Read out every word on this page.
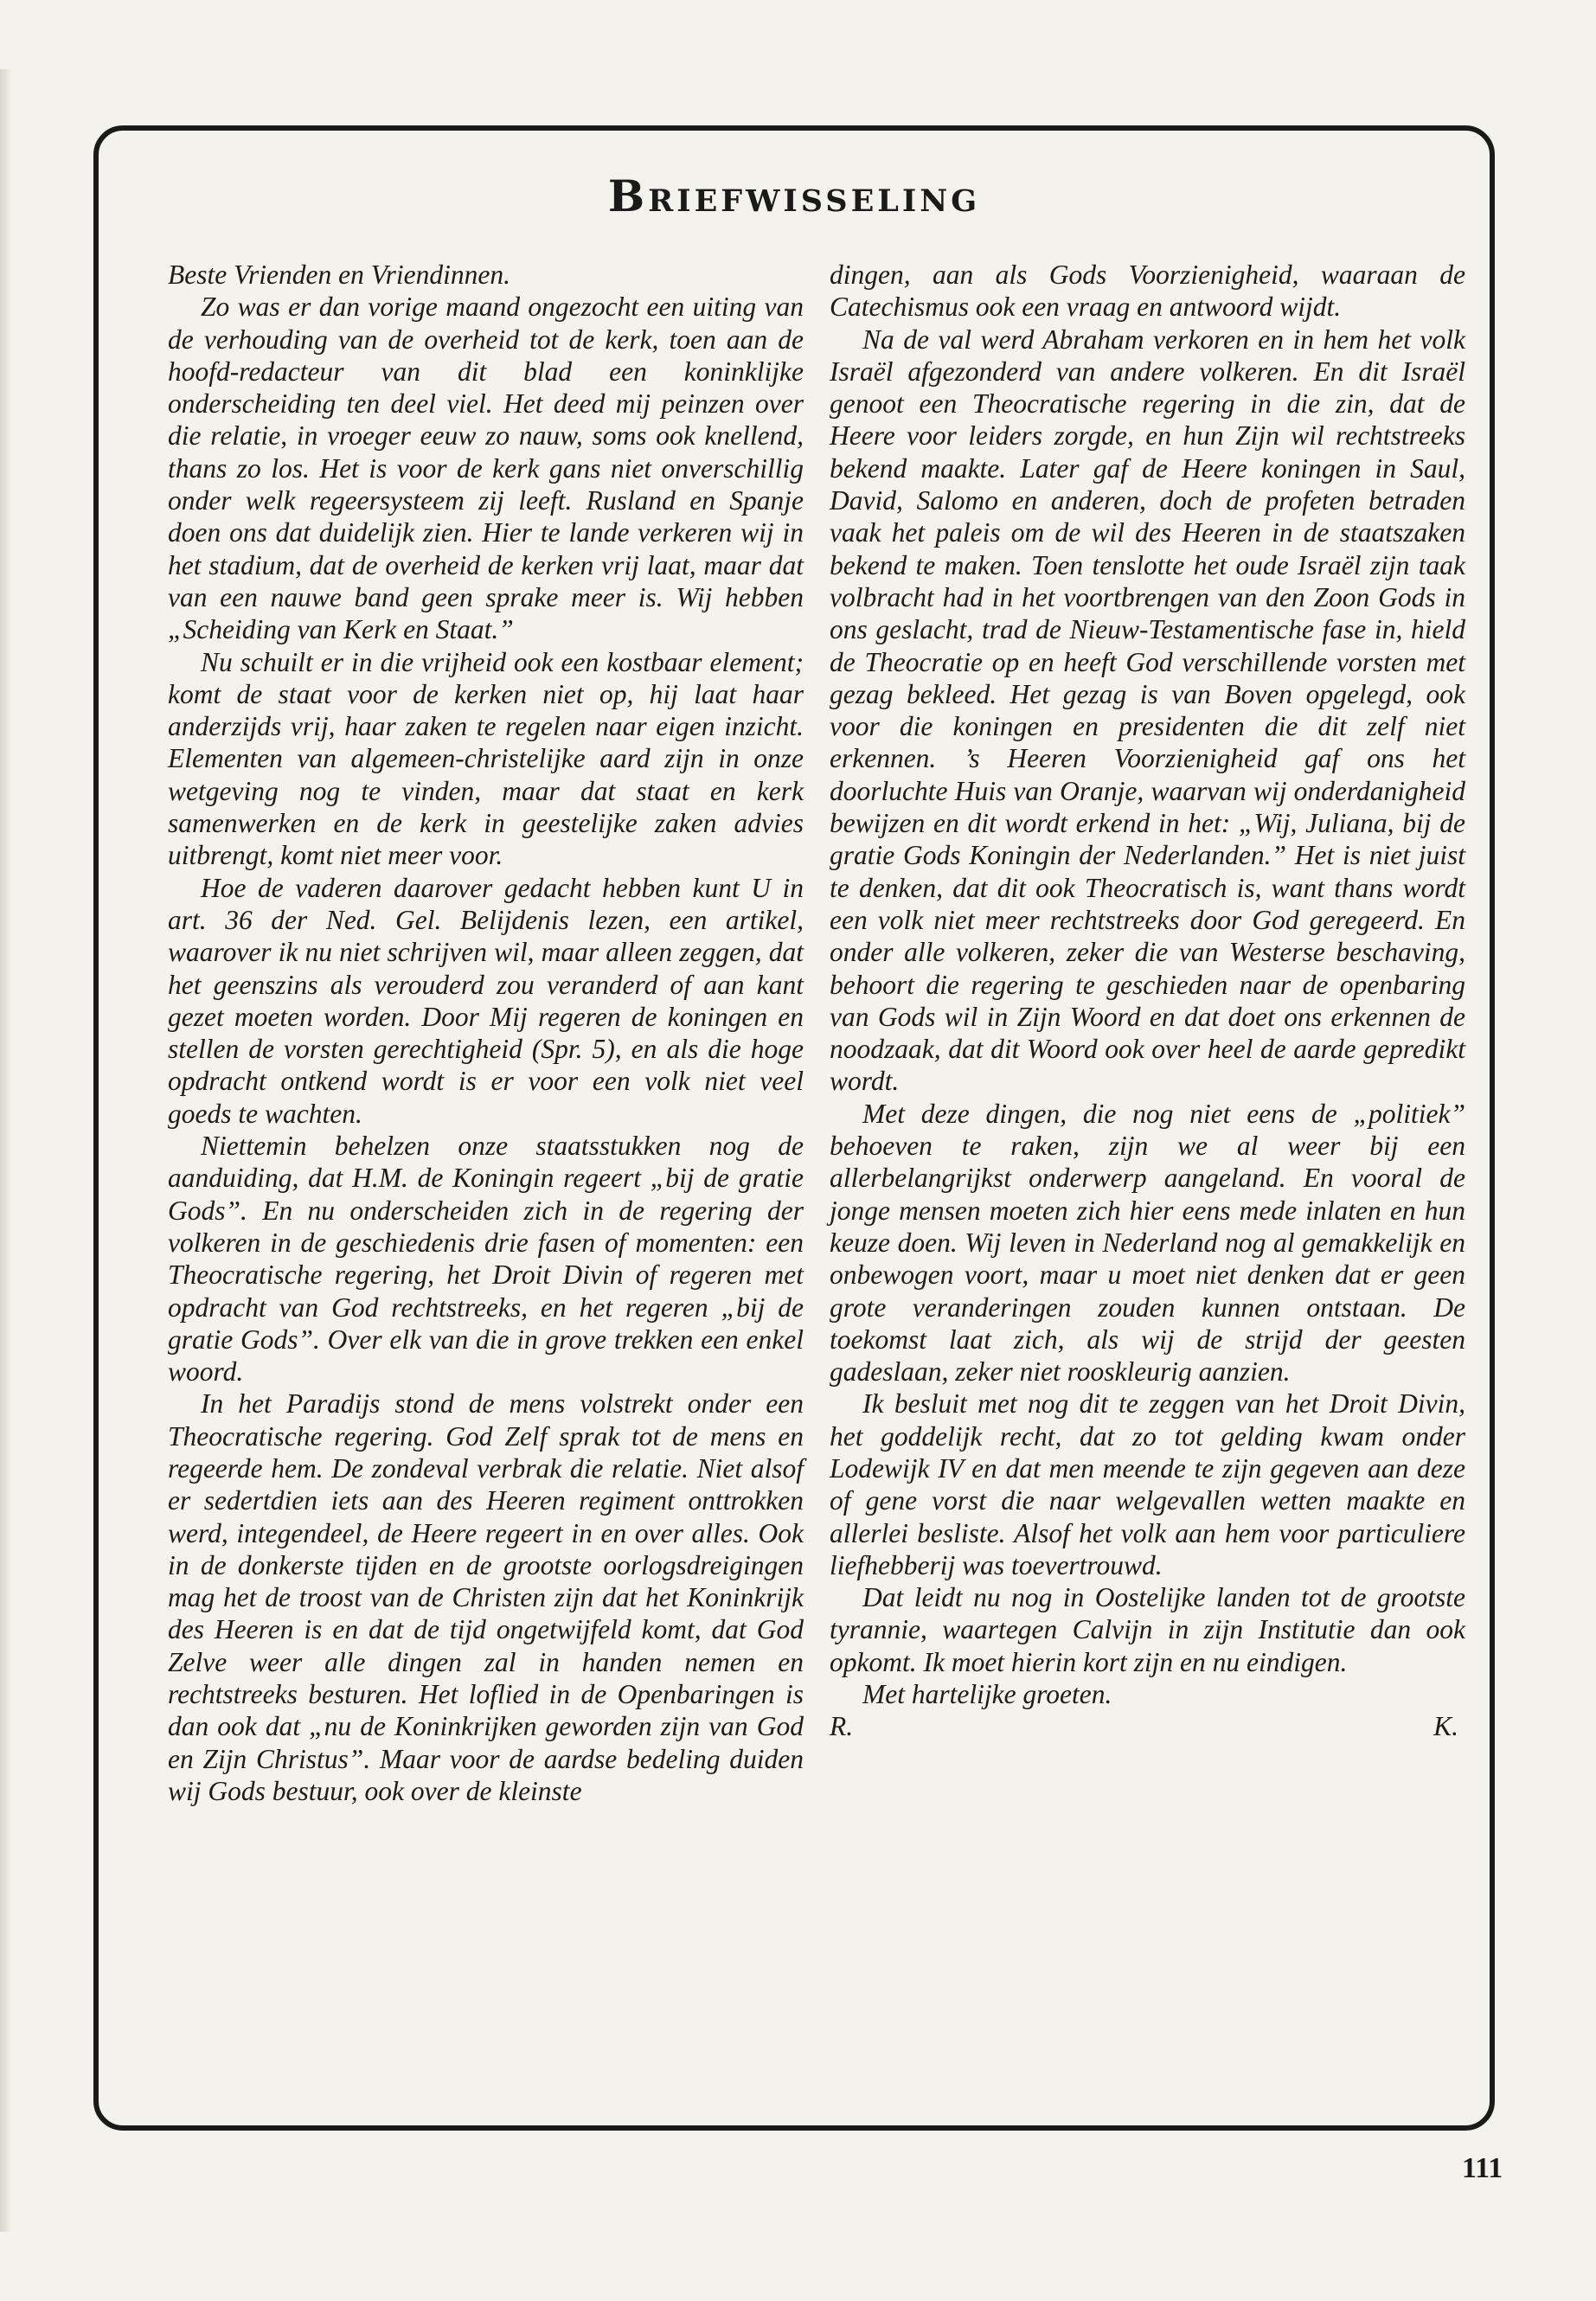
Briefwisseling

Beste Vrienden en Vriendinnen.

Zo was er dan vorige maand ongezocht een uiting van de verhouding van de overheid tot de kerk, toen aan de hoofd-redacteur van dit blad een koninklijke onderscheiding ten deel viel. Het deed mij peinzen over die relatie, in vroeger eeuw zo nauw, soms ook knellend, thans zo los. Het is voor de kerk gans niet onverschillig onder welk regeersysteem zij leeft. Rusland en Spanje doen ons dat duidelijk zien. Hier te lande verkeren wij in het stadium, dat de overheid de kerken vrij laat, maar dat van een nauwe band geen sprake meer is. Wij hebben „Scheiding van Kerk en Staat.”

Nu schuilt er in die vrijheid ook een kostbaar element; komt de staat voor de kerken niet op, hij laat haar anderzijds vrij, haar zaken te regelen naar eigen inzicht. Elementen van algemeen-christelijke aard zijn in onze wetgeving nog te vinden, maar dat staat en kerk samenwerken en de kerk in geestelijke zaken advies uitbrengt, komt niet meer voor.

Hoe de vaderen daarover gedacht hebben kunt U in art. 36 der Ned. Gel. Belijdenis lezen, een artikel, waarover ik nu niet schrijven wil, maar alleen zeggen, dat het geenszins als verouderd zou veranderd of aan kant gezet moeten worden. Door Mij regeren de koningen en stellen de vorsten gerechtigheid (Spr. 5), en als die hoge opdracht ontkend wordt is er voor een volk niet veel goeds te wachten.

Niettemin behelzen onze staatsstukken nog de aanduiding, dat H.M. de Koningin regeert „bij de gratie Gods”. En nu onderscheiden zich in de regering der volkeren in de geschiedenis drie fasen of momenten: een Theocratische regering, het Droit Divin of regeren met opdracht van God rechtstreeks, en het regeren „bij de gratie Gods”. Over elk van die in grove trekken een enkel woord.

In het Paradijs stond de mens volstrekt onder een Theocratische regering. God Zelf sprak tot de mens en regeerde hem. De zondeval verbrak die relatie. Niet alsof er sedertdien iets aan des Heeren regiment onttrokken werd, integendeel, de Heere regeert in en over alles. Ook in de donkerste tijden en de grootste oorlogsdreigingen mag het de troost van de Christen zijn dat het Koninkrijk des Heeren is en dat de tijd ongetwijfeld komt, dat God Zelve weer alle dingen zal in handen nemen en rechtstreeks besturen. Het loflied in de Openbaringen is dan ook dat „nu de Koninkrijken geworden zijn van God en Zijn Christus”. Maar voor de aardse bedeling duiden wij Gods bestuur, ook over de kleinste

dingen, aan als Gods Voorzienigheid, waaraan de Catechismus ook een vraag en antwoord wijdt.

Na de val werd Abraham verkoren en in hem het volk Israël afgezonderd van andere volkeren. En dit Israël genoot een Theocratische regering in die zin, dat de Heere voor leiders zorgde, en hun Zijn wil rechtstreeks bekend maakte. Later gaf de Heere koningen in Saul, David, Salomo en anderen, doch de profeten betraden vaak het paleis om de wil des Heeren in de staatszaken bekend te maken. Toen tenslotte het oude Israël zijn taak volbracht had in het voortbrengen van den Zoon Gods in ons geslacht, trad de Nieuw-Testamentische fase in, hield de Theocratie op en heeft God verschillende vorsten met gezag bekleed. Het gezag is van Boven opgelegd, ook voor die koningen en presidenten die dit zelf niet erkennen. ’s Heeren Voorzienigheid gaf ons het doorluchte Huis van Oranje, waarvan wij onderdanigheid bewijzen en dit wordt erkend in het: „Wij, Juliana, bij de gratie Gods Koningin der Nederlanden.” Het is niet juist te denken, dat dit ook Theocratisch is, want thans wordt een volk niet meer rechtstreeks door God geregeerd. En onder alle volkeren, zeker die van Westerse beschaving, behoort die regering te geschieden naar de openbaring van Gods wil in Zijn Woord en dat doet ons erkennen de noodzaak, dat dit Woord ook over heel de aarde gepredikt wordt.

Met deze dingen, die nog niet eens de „politiek” behoeven te raken, zijn we al weer bij een allerbelangrijkst onderwerp aangeland. En vooral de jonge mensen moeten zich hier eens mede inlaten en hun keuze doen. Wij leven in Nederland nog al gemakkelijk en onbewogen voort, maar u moet niet denken dat er geen grote veranderingen zouden kunnen ontstaan. De toekomst laat zich, als wij de strijd der geesten gadeslaan, zeker niet rooskleurig aanzien.

Ik besluit met nog dit te zeggen van het Droit Divin, het goddelijk recht, dat zo tot gelding kwam onder Lodewijk IV en dat men meende te zijn gegeven aan deze of gene vorst die naar welgevallen wetten maakte en allerlei besliste. Alsof het volk aan hem voor particuliere liefhebberij was toevertrouwd.

Dat leidt nu nog in Oostelijke landen tot de grootste tyrannie, waartegen Calvijn in zijn Institutie dan ook opkomt. Ik moet hierin kort zijn en nu eindigen.

Met hartelijke groeten.

R.	K.
111
